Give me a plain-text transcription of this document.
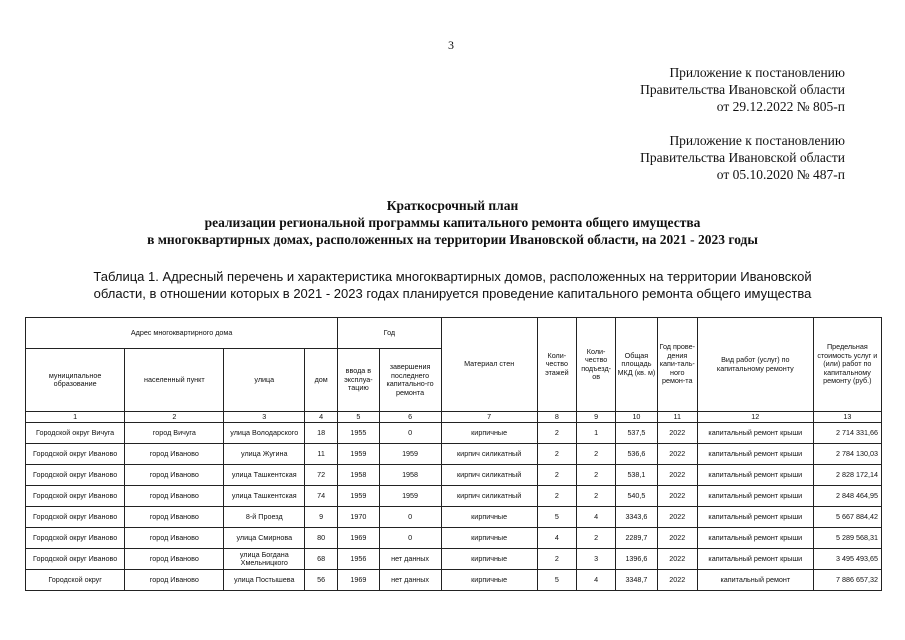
3
Приложение к постановлению
Правительства Ивановской области
от 29.12.2022 № 805-п
Приложение к постановлению
Правительства Ивановской области
от 05.10.2020 № 487-п
Краткосрочный план
реализации региональной программы капитального ремонта общего имущества
в многоквартирных домах, расположенных на территории Ивановской области, на 2021 - 2023 годы
Таблица 1. Адресный перечень и характеристика многоквартирных домов, расположенных на территории Ивановской
области, в отношении которых в 2021 - 2023 годах планируется проведение капитального ремонта общего имущества
Адрес многоквартирного дома				Год		Материал стен	Коли-чество этажей	Коли-чество подъезд-ов	Общая площадь МКД (кв. м)	Год прове-дения капи-таль-ного ремон-та	Вид работ (услуг) по капитальному ремонту	Предельная стоимость услуг и (или) работ по капитальному ремонту (руб.)
муниципальное образование	населенный пункт	улица	дом	ввода в эксплуа-тацию	завершения последнего капитально-го ремонта							
1	2	3	4	5	6	7	8	9	10	11	12	13
Городской округ Вичуга	город Вичуга	улица Володарского	18	1955	0	кирпичные	2	1	537,5	2022	капитальный ремонт крыши	2 714 331,66
Городской округ Иваново	город Иваново	улица Жугина	11	1959	1959	кирпич силикатный	2	2	536,6	2022	капитальный ремонт крыши	2 784 130,03
Городской округ Иваново	город Иваново	улица Ташкентская	72	1958	1958	кирпич силикатный	2	2	538,1	2022	капитальный ремонт крыши	2 828 172,14
Городской округ Иваново	город Иваново	улица Ташкентская	74	1959	1959	кирпич силикатный	2	2	540,5	2022	капитальный ремонт крыши	2 848 464,95
Городской округ Иваново	город Иваново	8-й Проезд	9	1970	0	кирпичные	5	4	3343,6	2022	капитальный ремонт крыши	5 667 884,42
Городской округ Иваново	город Иваново	улица Смирнова	80	1969	0	кирпичные	4	2	2289,7	2022	капитальный ремонт крыши	5 289 568,31
Городской округ Иваново	город Иваново	улица Богдана Хмельницкого	68	1956	нет данных	кирпичные	2	3	1396,6	2022	капитальный ремонт крыши	3 495 493,65
Городской округ	город Иваново	улица Постышева	56	1969	нет данных	кирпичные	5	4	3348,7	2022	капитальный ремонт	7 886 657,32
